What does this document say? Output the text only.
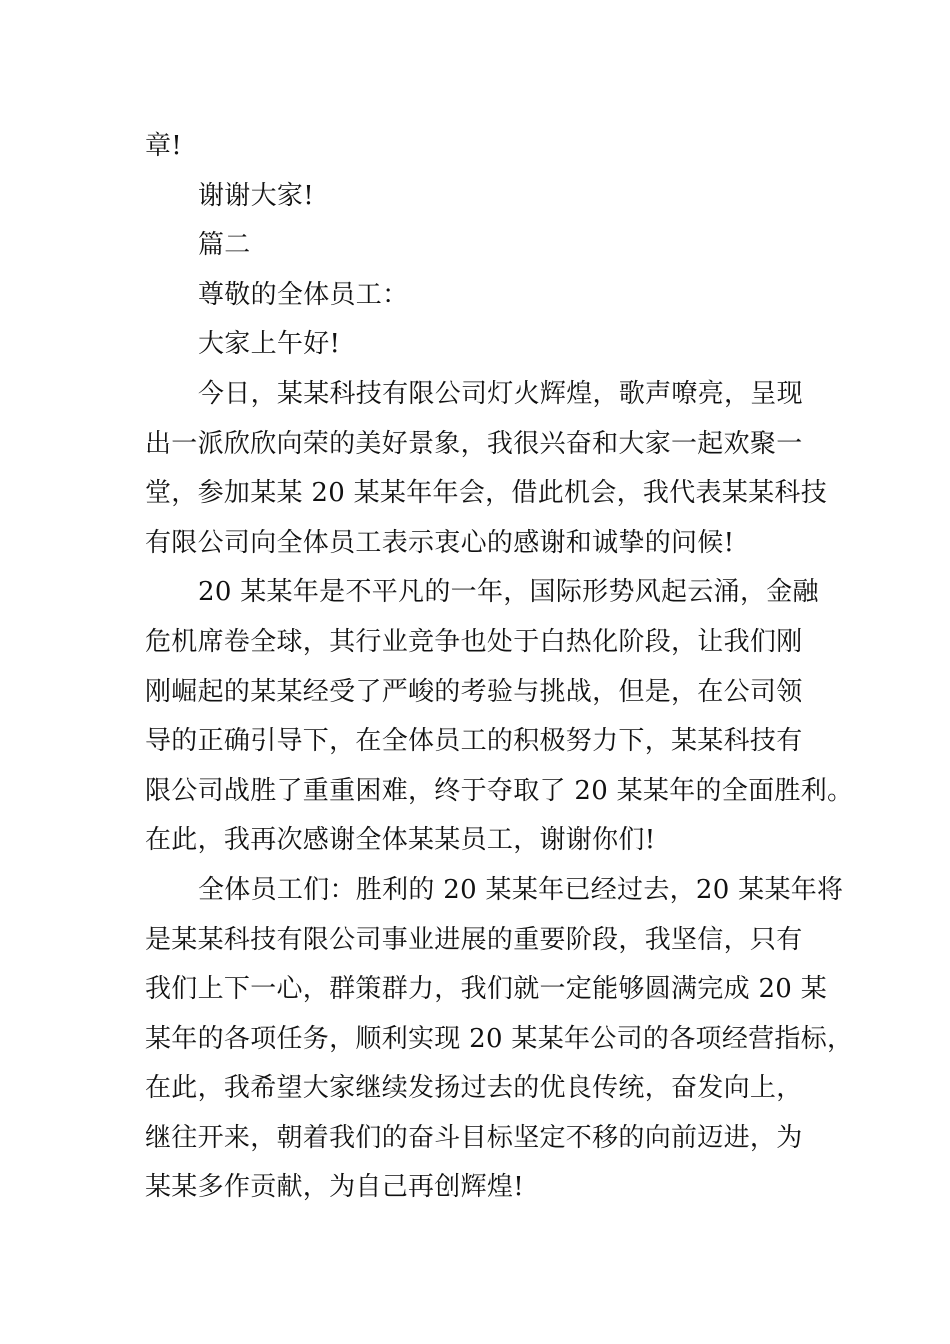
章!
谢谢大家!
篇二
尊敬的全体员工：
大家上午好!
今日，某某科技有限公司灯火辉煌，歌声嘹亮，呈现
出一派欣欣向荣的美好景象，我很兴奋和大家一起欢聚一
堂，参加某某 20 某某年年会，借此机会，我代表某某科技
有限公司向全体员工表示衷心的感谢和诚挚的问候!
20 某某年是不平凡的一年，国际形势风起云涌，金融
危机席卷全球，其行业竞争也处于白热化阶段，让我们刚
刚崛起的某某经受了严峻的考验与挑战，但是，在公司领
导的正确引导下，在全体员工的积极努力下，某某科技有
限公司战胜了重重困难，终于夺取了 20 某某年的全面胜利。
在此，我再次感谢全体某某员工，谢谢你们!
全体员工们：胜利的 20 某某年已经过去，20 某某年将
是某某科技有限公司事业进展的重要阶段，我坚信，只有
我们上下一心，群策群力，我们就一定能够圆满完成 20 某
某年的各项任务，顺利实现 20 某某年公司的各项经营指标，
在此，我希望大家继续发扬过去的优良传统，奋发向上，
继往开来，朝着我们的奋斗目标坚定不移的向前迈进，为
某某多作贡献，为自己再创辉煌!
